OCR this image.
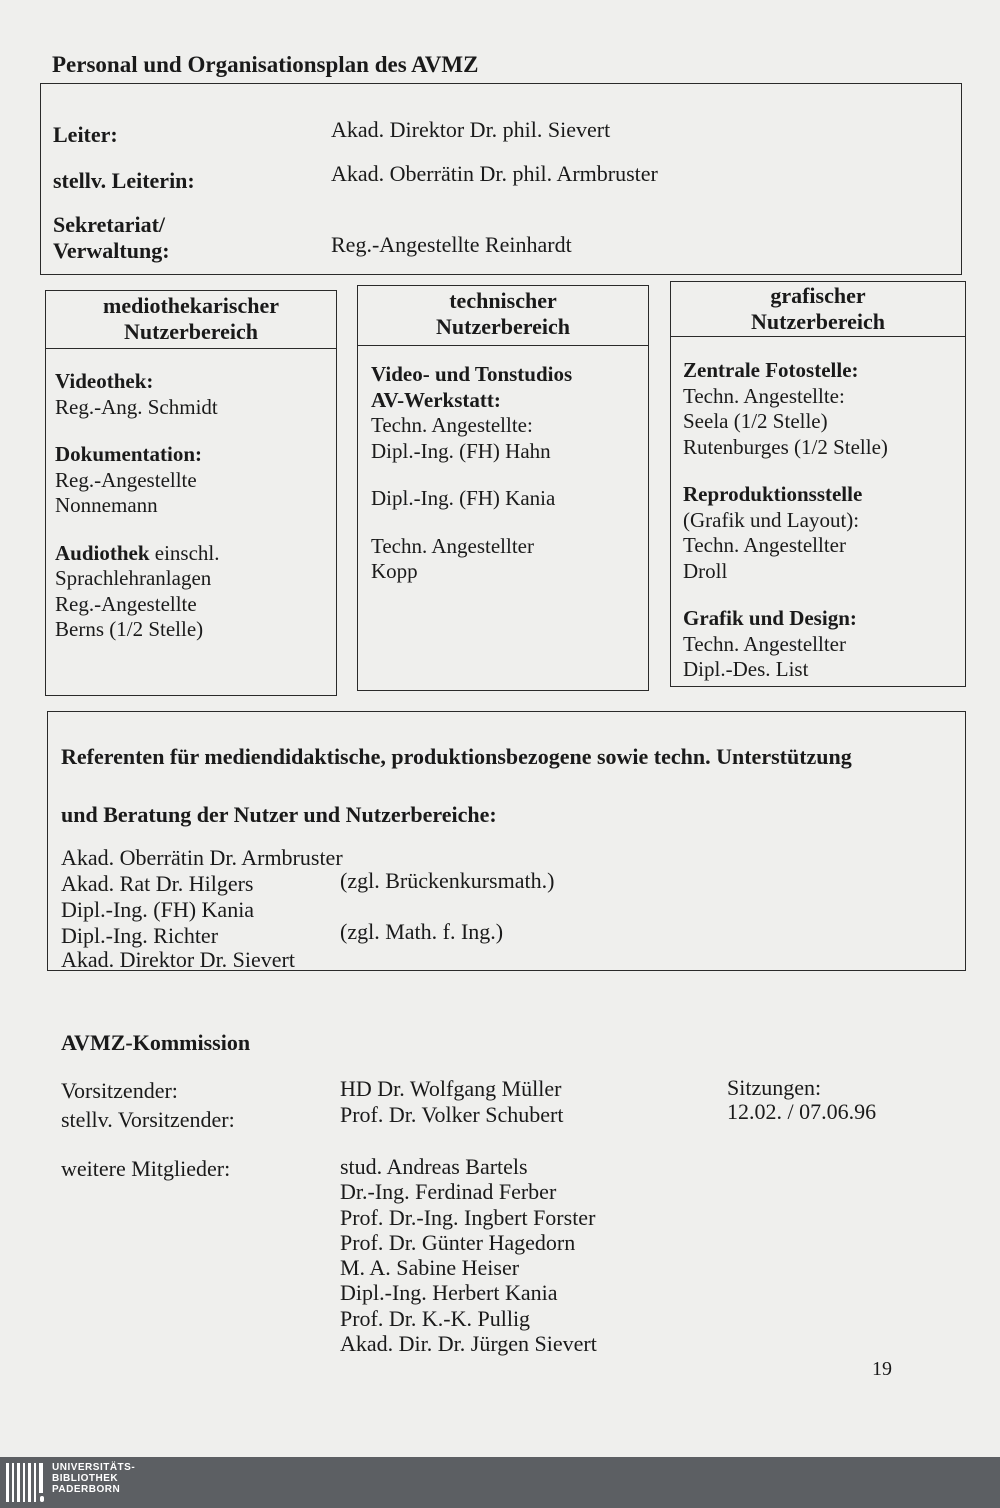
Personal und Organisationsplan des AVMZ
Leiter:	Akad. Direktor Dr. phil. Sievert
stellv. Leiterin:	Akad. Oberrätin Dr. phil. Armbruster
Sekretariat/
Verwaltung:	Reg.-Angestellte Reinhardt
mediothekarischer
Nutzerbereich
Videothek:
Reg.-Ang. Schmidt
Dokumentation:
Reg.-Angestellte
Nonnemann
Audiothek einschl.
Sprachlehranlagen
Reg.-Angestellte
Berns (1/2 Stelle)
technischer
Nutzerbereich
Video- und Tonstudios
AV-Werkstatt:
Techn. Angestellte:
Dipl.-Ing. (FH) Hahn
Dipl.-Ing. (FH) Kania
Techn. Angestellter
Kopp
grafischer
Nutzerbereich
Zentrale Fotostelle:
Techn. Angestellte:
Seela (1/2 Stelle)
Rutenburges (1/2 Stelle)
Reproduktionsstelle
(Grafik und Layout):
Techn. Angestellter
Droll
Grafik und Design:
Techn. Angestellter
Dipl.-Des. List
Referenten für mediendidaktische, produktionsbezogene sowie techn. Unterstützung
und Beratung der Nutzer und Nutzerbereiche:
Akad. Oberrätin Dr. Armbruster
Akad. Rat Dr. Hilgers	(zgl. Brückenkursmath.)
Dipl.-Ing. (FH) Kania
Dipl.-Ing. Richter	(zgl. Math. f. Ing.)
Akad. Direktor Dr. Sievert
AVMZ-Kommission
Vorsitzender:	HD Dr. Wolfgang Müller	Sitzungen:
stellv. Vorsitzender:	Prof. Dr. Volker Schubert	12.02. / 07.06.96
weitere Mitglieder:	stud. Andreas Bartels
Dr.-Ing. Ferdinad Ferber
Prof. Dr.-Ing. Ingbert Forster
Prof. Dr. Günter Hagedorn
M. A. Sabine Heiser
Dipl.-Ing. Herbert Kania
Prof. Dr. K.-K. Pullig
Akad. Dir. Dr. Jürgen Sievert
19
UNIVERSITÄTS-
BIBLIOTHEK
PADERBORN
